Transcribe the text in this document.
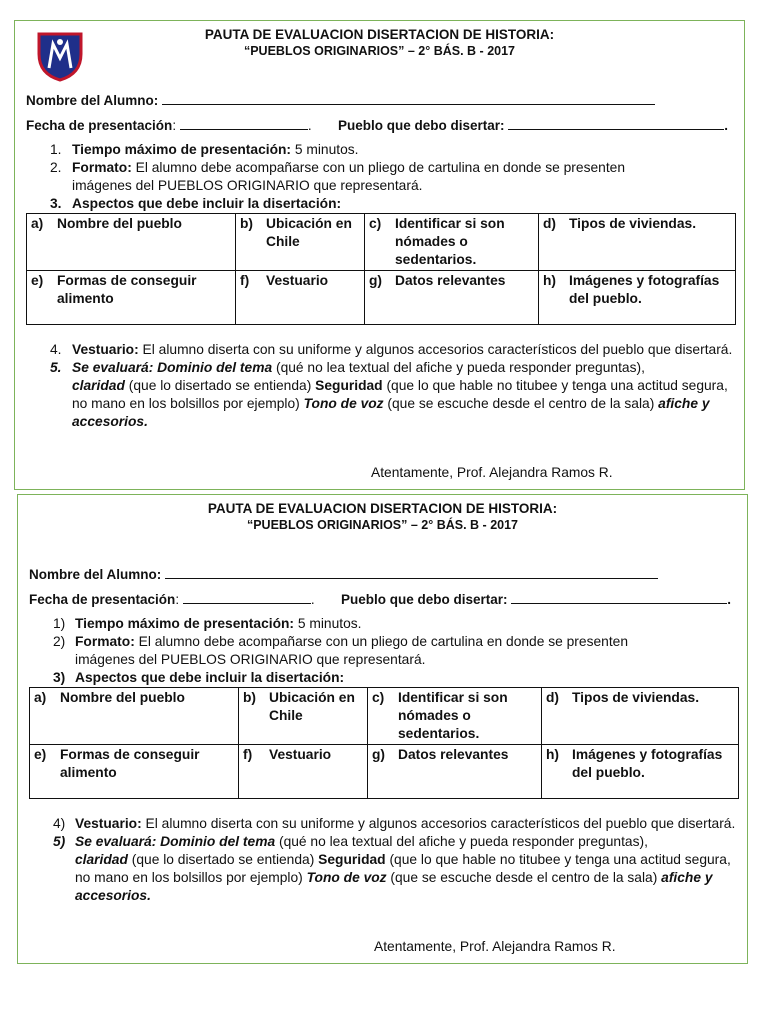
PAUTA DE EVALUACION DISERTACION DE HISTORIA:
“PUEBLOS ORIGINARIOS” – 2° BÁS. B - 2017
Nombre del Alumno:
Fecha de presentación:	. Pueblo que debo disertar:	.
1. Tiempo máximo de presentación: 5 minutos.
2. Formato: El alumno debe acompañarse con un pliego de cartulina en donde se presenten
imágenes del PUEBLOS ORIGINARIO que representará.
3. Aspectos que debe incluir la disertación:
a) Nombre del pueblo	b) Ubicación en Chile	c) Identificar si son nómades o sedentarios.	d) Tipos de viviendas.

e) Formas de conseguir alimento	f) Vestuario	g) Datos relevantes	h) Imágenes y fotografías del pueblo.
4. Vestuario: El alumno diserta con su uniforme y algunos accesorios característicos del pueblo que disertará.
5. Se evaluará: Dominio del tema (qué no lea textual del afiche y pueda responder preguntas),
claridad (que lo disertado se entienda) Seguridad (que lo que hable no titubee y tenga una actitud segura, no mano en los bolsillos por ejemplo) Tono de voz (que se escuche desde el centro de la sala) afiche y accesorios.
Atentamente, Prof. Alejandra Ramos R.
PAUTA DE EVALUACION DISERTACION DE HISTORIA:
“PUEBLOS ORIGINARIOS” – 2° BÁS. B - 2017
Nombre del Alumno:
Fecha de presentación:	. Pueblo que debo disertar:	.
1) Tiempo máximo de presentación: 5 minutos.
2) Formato: El alumno debe acompañarse con un pliego de cartulina en donde se presenten
imágenes del PUEBLOS ORIGINARIO que representará.
3) Aspectos que debe incluir la disertación:
a) Nombre del pueblo	b) Ubicación en Chile	c) Identificar si son nómades o sedentarios.	d) Tipos de viviendas.

e) Formas de conseguir alimento	f) Vestuario	g) Datos relevantes	h) Imágenes y fotografías del pueblo.
4) Vestuario: El alumno diserta con su uniforme y algunos accesorios característicos del pueblo que disertará.
5) Se evaluará: Dominio del tema (qué no lea textual del afiche y pueda responder preguntas),
claridad (que lo disertado se entienda) Seguridad (que lo que hable no titubee y tenga una actitud segura, no mano en los bolsillos por ejemplo) Tono de voz (que se escuche desde el centro de la sala) afiche y accesorios.
Atentamente, Prof. Alejandra Ramos R.
